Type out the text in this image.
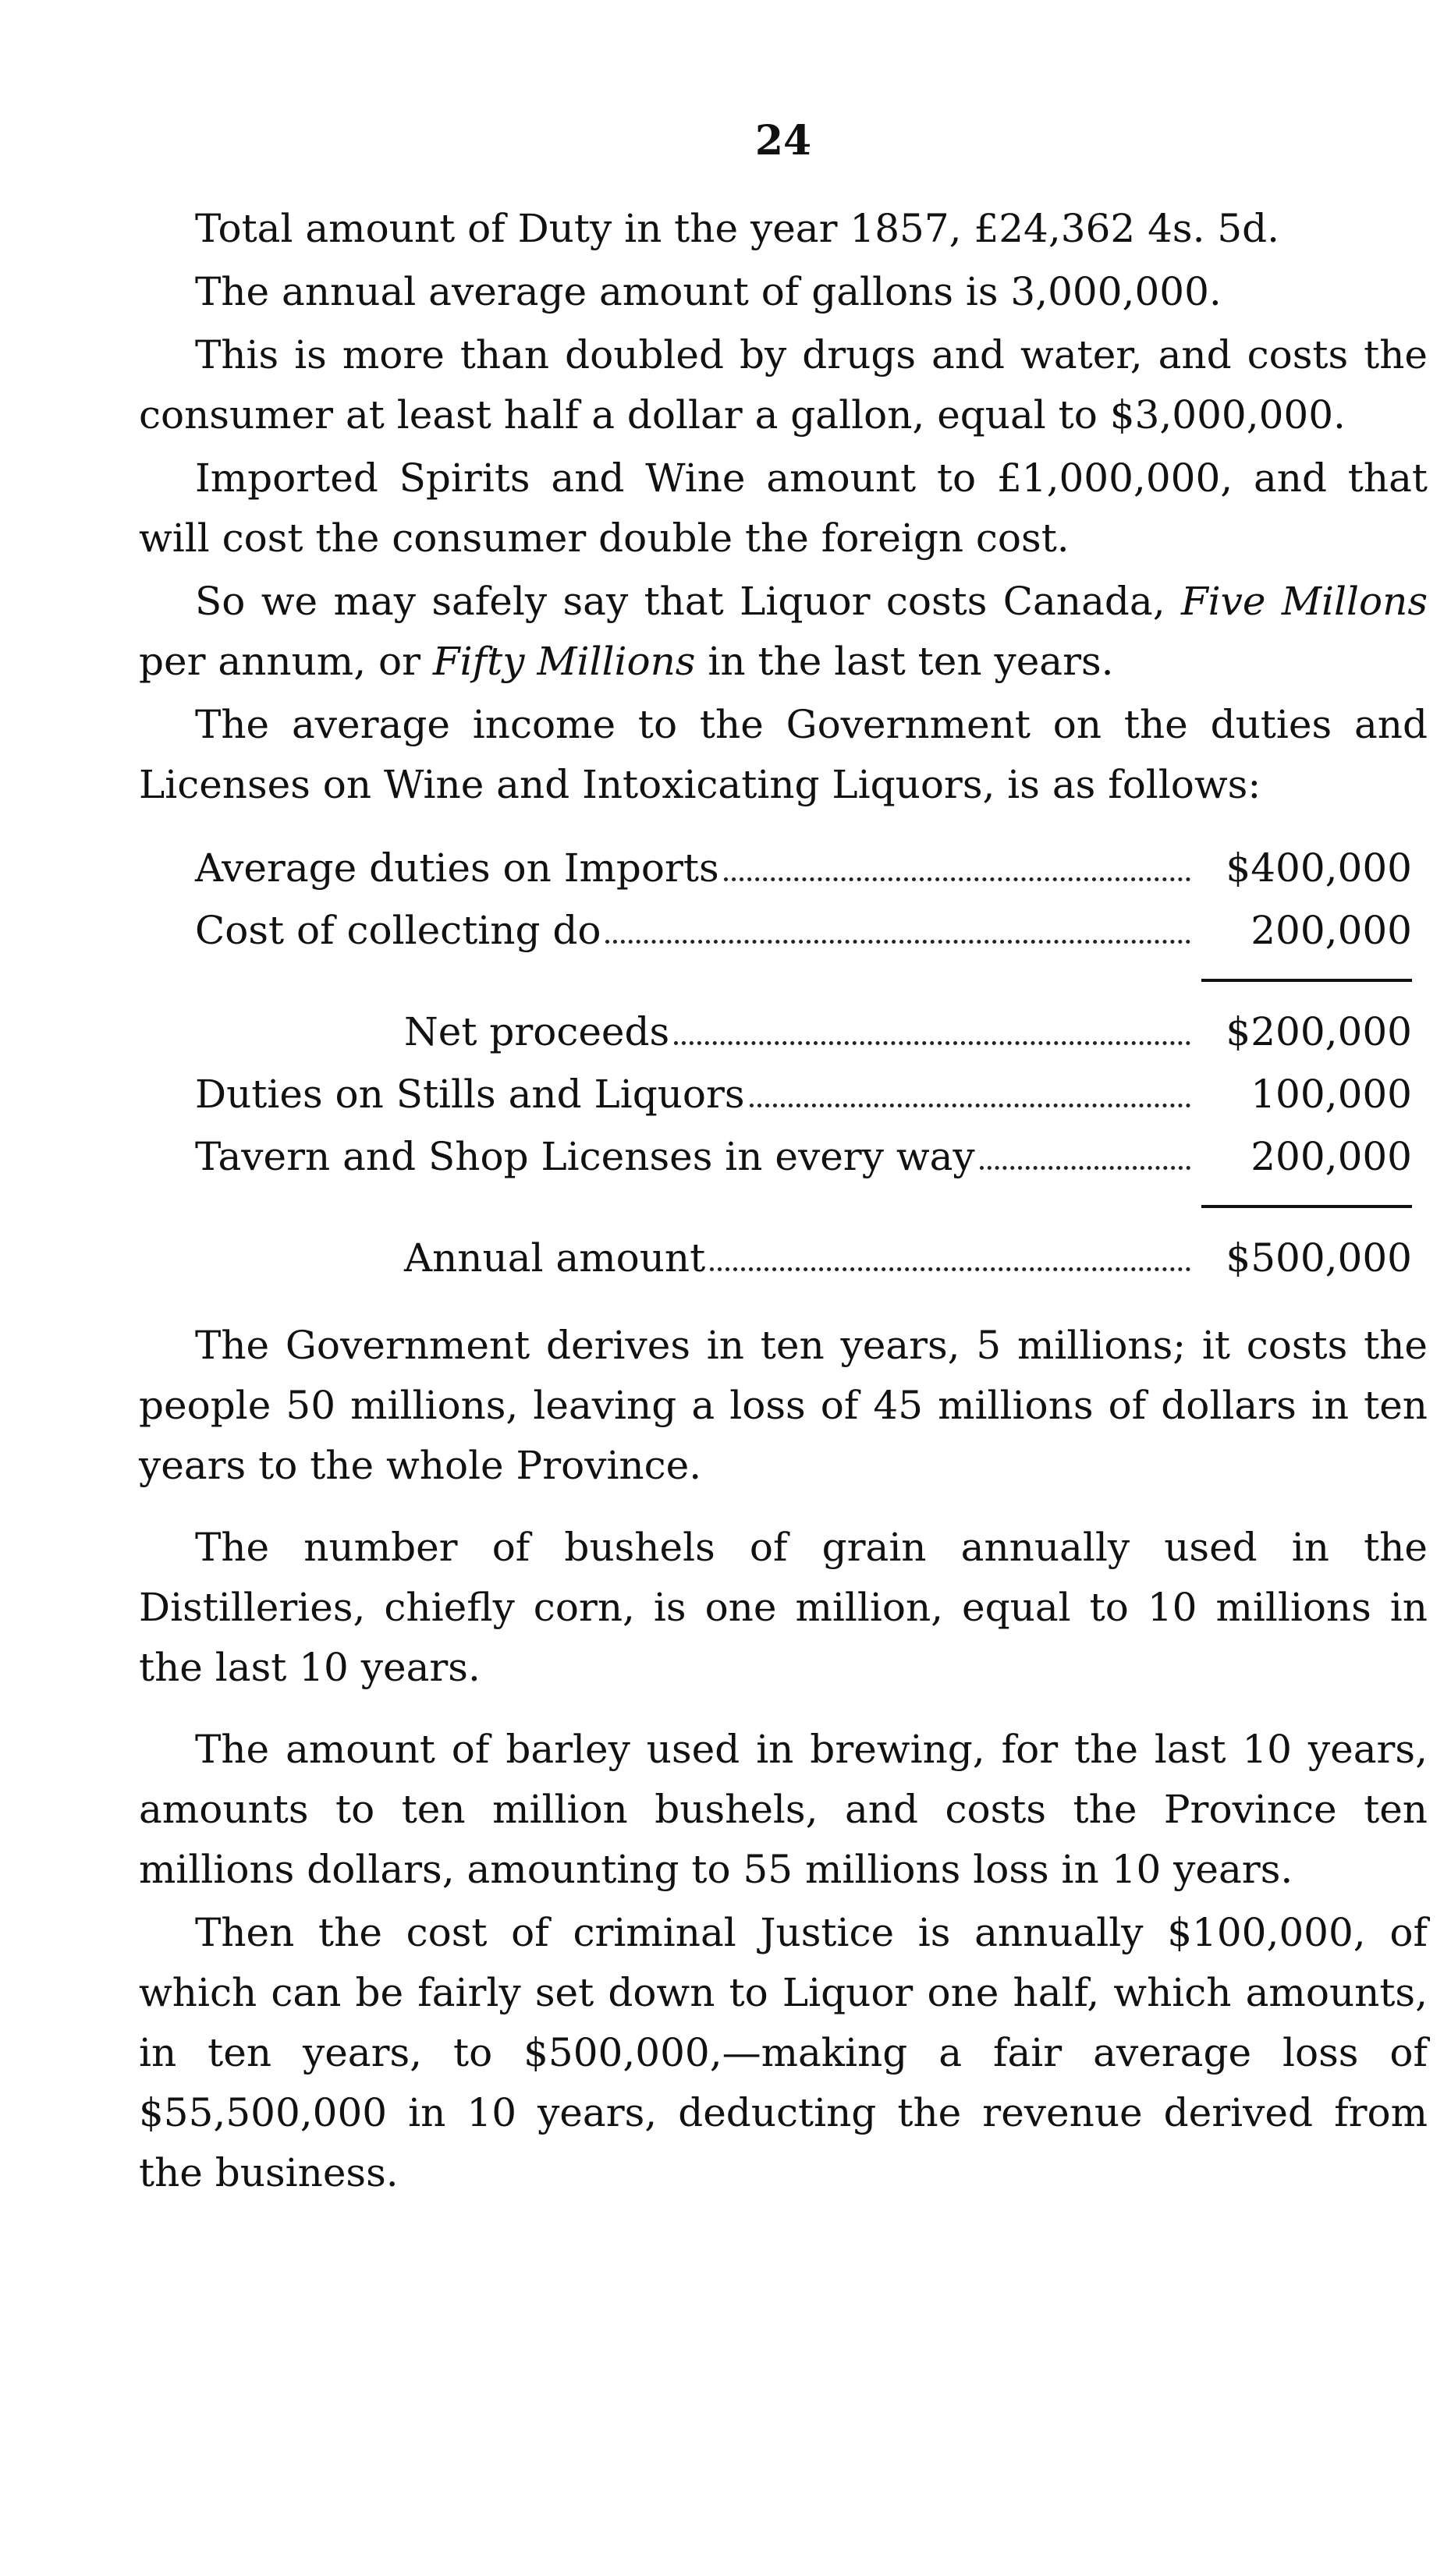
24

Total amount of Duty in the year 1857, £24,362 4s. 5d.

The annual average amount of gallons is 3,000,000.

This is more than doubled by drugs and water, and costs the consumer at least half a dollar a gallon, equal to $3,000,000.

Imported Spirits and Wine amount to £1,000,000, and that will cost the consumer double the foreign cost.

So we may safely say that Liquor costs Canada, Five Millons per annum, or Fifty Millions in the last ten years.

The average income to the Government on the duties and Licenses on Wine and Intoxicating Liquors, is as follows:

Average duties on Imports	$400,000
Cost of collecting do	200,000
Net proceeds	$200,000
Duties on Stills and Liquors	100,000
Tavern and Shop Licenses in every way	200,000
Annual amount	$500,000

The Government derives in ten years, 5 millions; it costs the people 50 millions, leaving a loss of 45 millions of dollars in ten years to the whole Province.

The number of bushels of grain annually used in the Distilleries, chiefly corn, is one million, equal to 10 millions in the last 10 years.

The amount of barley used in brewing, for the last 10 years, amounts to ten million bushels, and costs the Province ten millions dollars, amounting to 55 millions loss in 10 years.

Then the cost of criminal Justice is annually $100,000, of which can be fairly set down to Liquor one half, which amounts, in ten years, to $500,000,—making a fair average loss of $55,500,000 in 10 years, deducting the revenue derived from the business.
